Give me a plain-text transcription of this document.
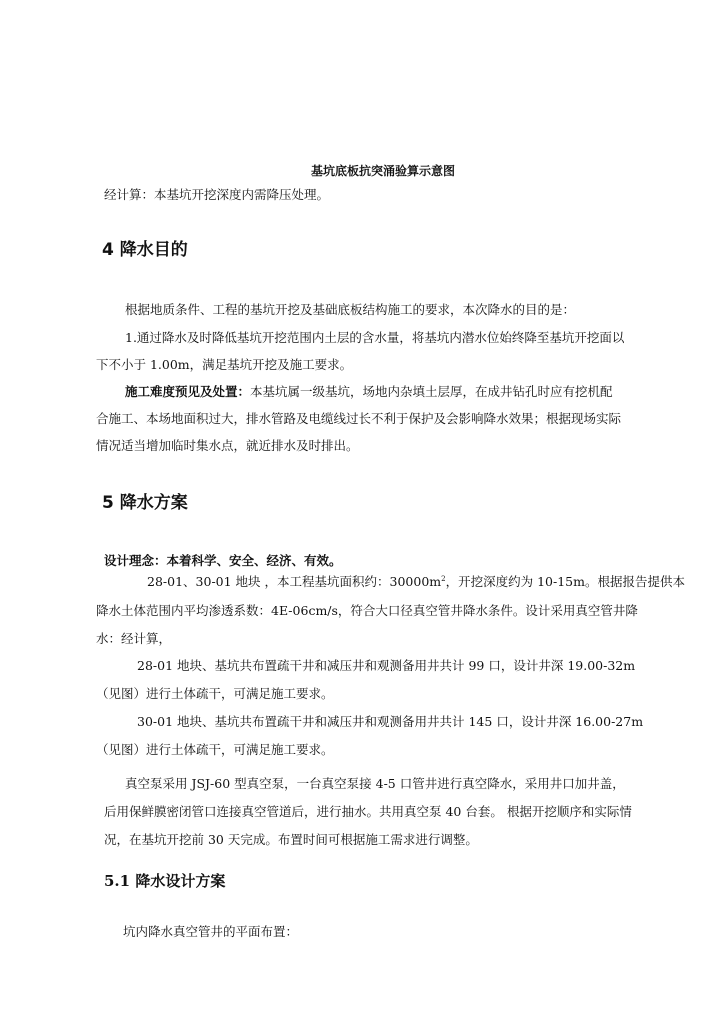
基坑底板抗突涌验算示意图
经计算：本基坑开挖深度内需降压处理。
4 降水目的
根据地质条件、工程的基坑开挖及基础底板结构施工的要求，本次降水的目的是：
1.通过降水及时降低基坑开挖范围内土层的含水量，将基坑内潜水位始终降至基坑开挖面以
下不小于 1.00m，满足基坑开挖及施工要求。
施工难度预见及处置：本基坑属一级基坑，场地内杂填土层厚，在成井钻孔时应有挖机配
合施工、本场地面积过大，排水管路及电缆线过长不利于保护及会影响降水效果；根据现场实际
情况适当增加临时集水点，就近排水及时排出。
5 降水方案
设计理念：本着科学、安全、经济、有效。
28-01、30-01 地块 ，本工程基坑面积约：$30000m^2$，开挖深度约为 10-15m。根据报告提供本
降水土体范围内平均渗透系数：4E-06cm/s，符合大口径真空管井降水条件。设计采用真空管井降
水：经计算，
28-01 地块、基坑共布置疏干井和减压井和观测备用井共计 99 口，设计井深 19.00-32m
（见图）进行土体疏干，可满足施工要求。
30-01 地块、基坑共布置疏干井和减压井和观测备用井共计 145 口，设计井深 16.00-27m
（见图）进行土体疏干，可满足施工要求。
真空泵采用 JSJ-60 型真空泵，一台真空泵接 4-5 口管井进行真空降水，采用井口加井盖，
后用保鲜膜密闭管口连接真空管道后，进行抽水。共用真空泵 40 台套。 根据开挖顺序和实际情
况，在基坑开挖前 30 天完成。布置时间可根据施工需求进行调整。
5.1 降水设计方案
坑内降水真空管井的平面布置：
